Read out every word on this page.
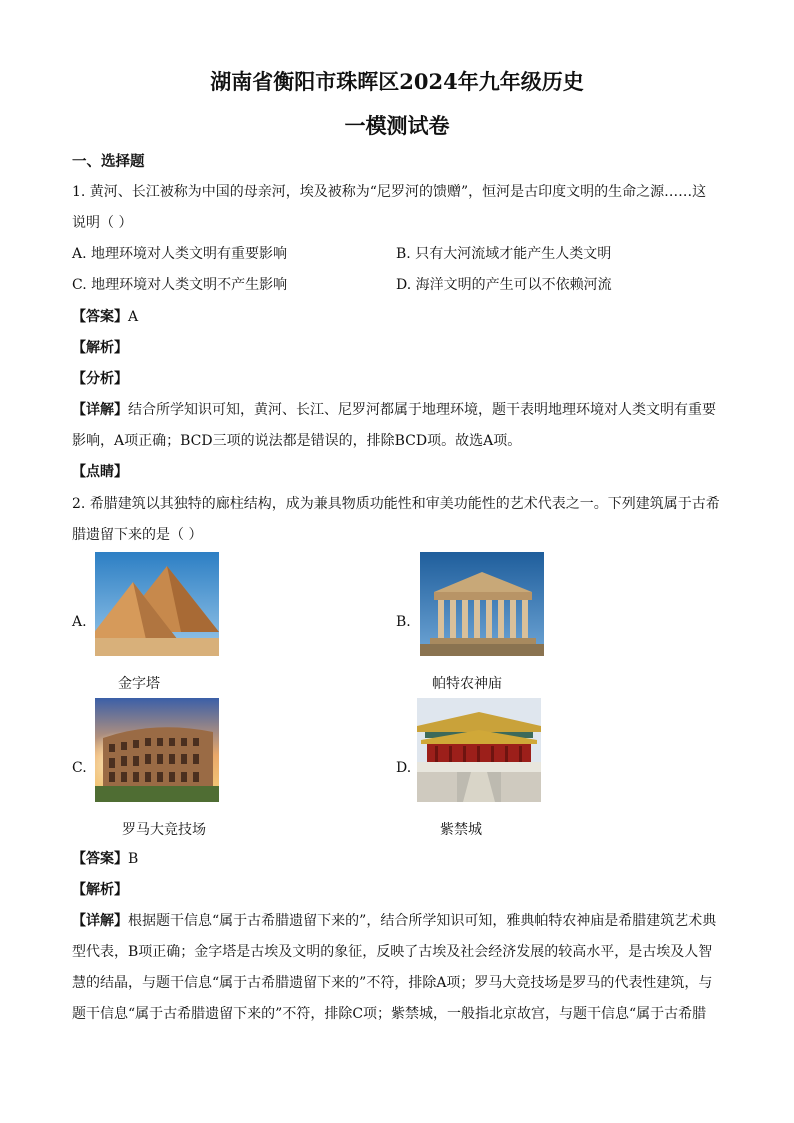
湖南省衡阳市珠晖区2024年九年级历史
一模测试卷
一、选择题
1. 黄河、长江被称为中国的母亲河，埃及被称为“尼罗河的馈赠”，恒河是古印度文明的生命之源……这
说明（ ）
A. 地理环境对人类文明有重要影响	B. 只有大河流域才能产生人类文明
C. 地理环境对人类文明不产生影响	D. 海洋文明的产生可以不依赖河流
【答案】A
【解析】
【分析】
【详解】结合所学知识可知，黄河、长江、尼罗河都属于地理环境，题干表明地理环境对人类文明有重要
影响，A项正确；BCD三项的说法都是错误的，排除BCD项。故选A项。
【点睛】
2. 希腊建筑以其独特的廊柱结构，成为兼具物质功能性和审美功能性的艺术代表之一。下列建筑属于古希
腊遗留下来的是（ ）
A.
金字塔
B.
帕特农神庙
C.
罗马大竞技场
D.
紫禁城
【答案】B
【解析】
【详解】根据题干信息“属于古希腊遗留下来的”，结合所学知识可知，雅典帕特农神庙是希腊建筑艺术典
型代表，B项正确；金字塔是古埃及文明的象征，反映了古埃及社会经济发展的较高水平，是古埃及人智
慧的结晶，与题干信息“属于古希腊遗留下来的”不符，排除A项；罗马大竞技场是罗马的代表性建筑，与
题干信息“属于古希腊遗留下来的”不符，排除C项；紫禁城，一般指北京故宫，与题干信息“属于古希腊
